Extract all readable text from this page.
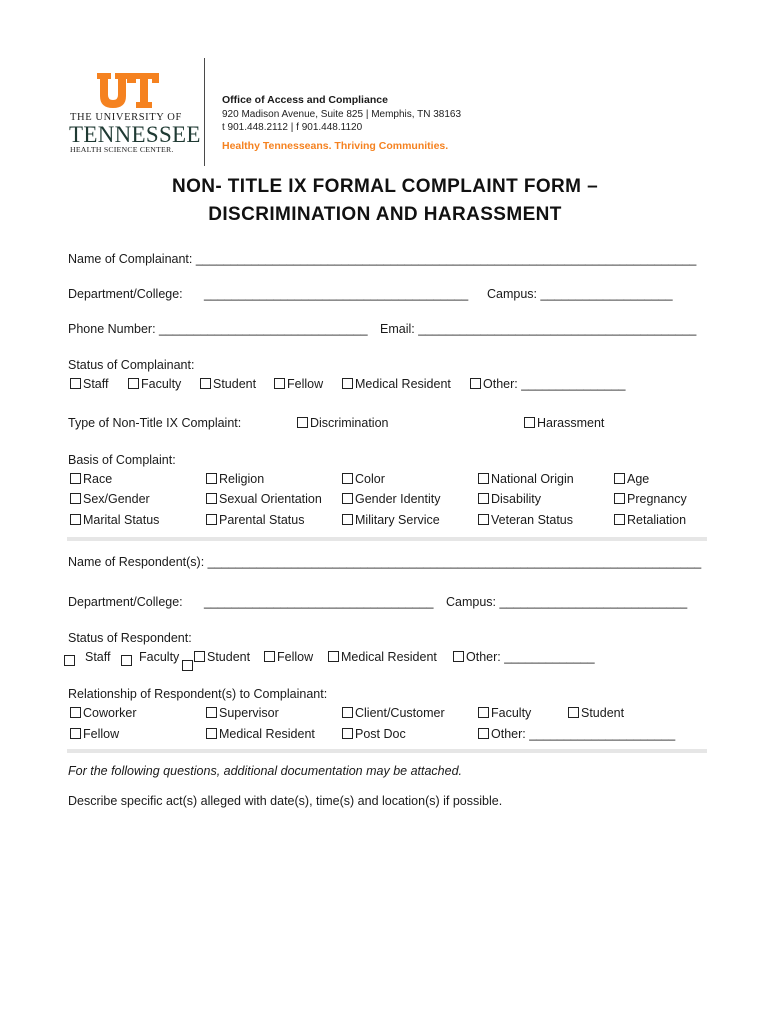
THE UNIVERSITY OF
TENNESSEE
HEALTH SCIENCE CENTER.
Office of Access and Compliance
920 Madison Avenue, Suite 825 | Memphis, TN 38163
t 901.448.2112 | f 901.448.1120
Healthy Tennesseans. Thriving Communities.
NON- TITLE IX FORMAL COMPLAINT FORM –
DISCRIMINATION AND HARASSMENT
Name of Complainant: ________________________________________________________________________
Department/College: ______________________________________ Campus: ___________________
Phone Number: ______________________________ Email: ________________________________________
Status of Complainant:
Staff	Faculty	Student	Fellow	Medical Resident	Other: _______________
Type of Non-Title IX Complaint:	Discrimination	Harassment
Basis of Complaint:
Race	Religion	Color	National Origin	Age
Sex/Gender	Sexual Orientation	Gender Identity	Disability	Pregnancy
Marital Status	Parental Status	Military Service	Veteran Status	Retaliation
Name of Respondent(s): _______________________________________________________________________
Department/College: _________________________________ Campus: ___________________________
Status of Respondent:
Staff Faculty Student	Fellow	Medical Resident	Other: _____________
Relationship of Respondent(s) to Complainant:
Coworker	Supervisor	Client/Customer	Faculty	Student
Fellow	Medical Resident	Post Doc	Other: _____________________
For the following questions, additional documentation may be attached.
Describe specific act(s) alleged with date(s), time(s) and location(s) if possible.
